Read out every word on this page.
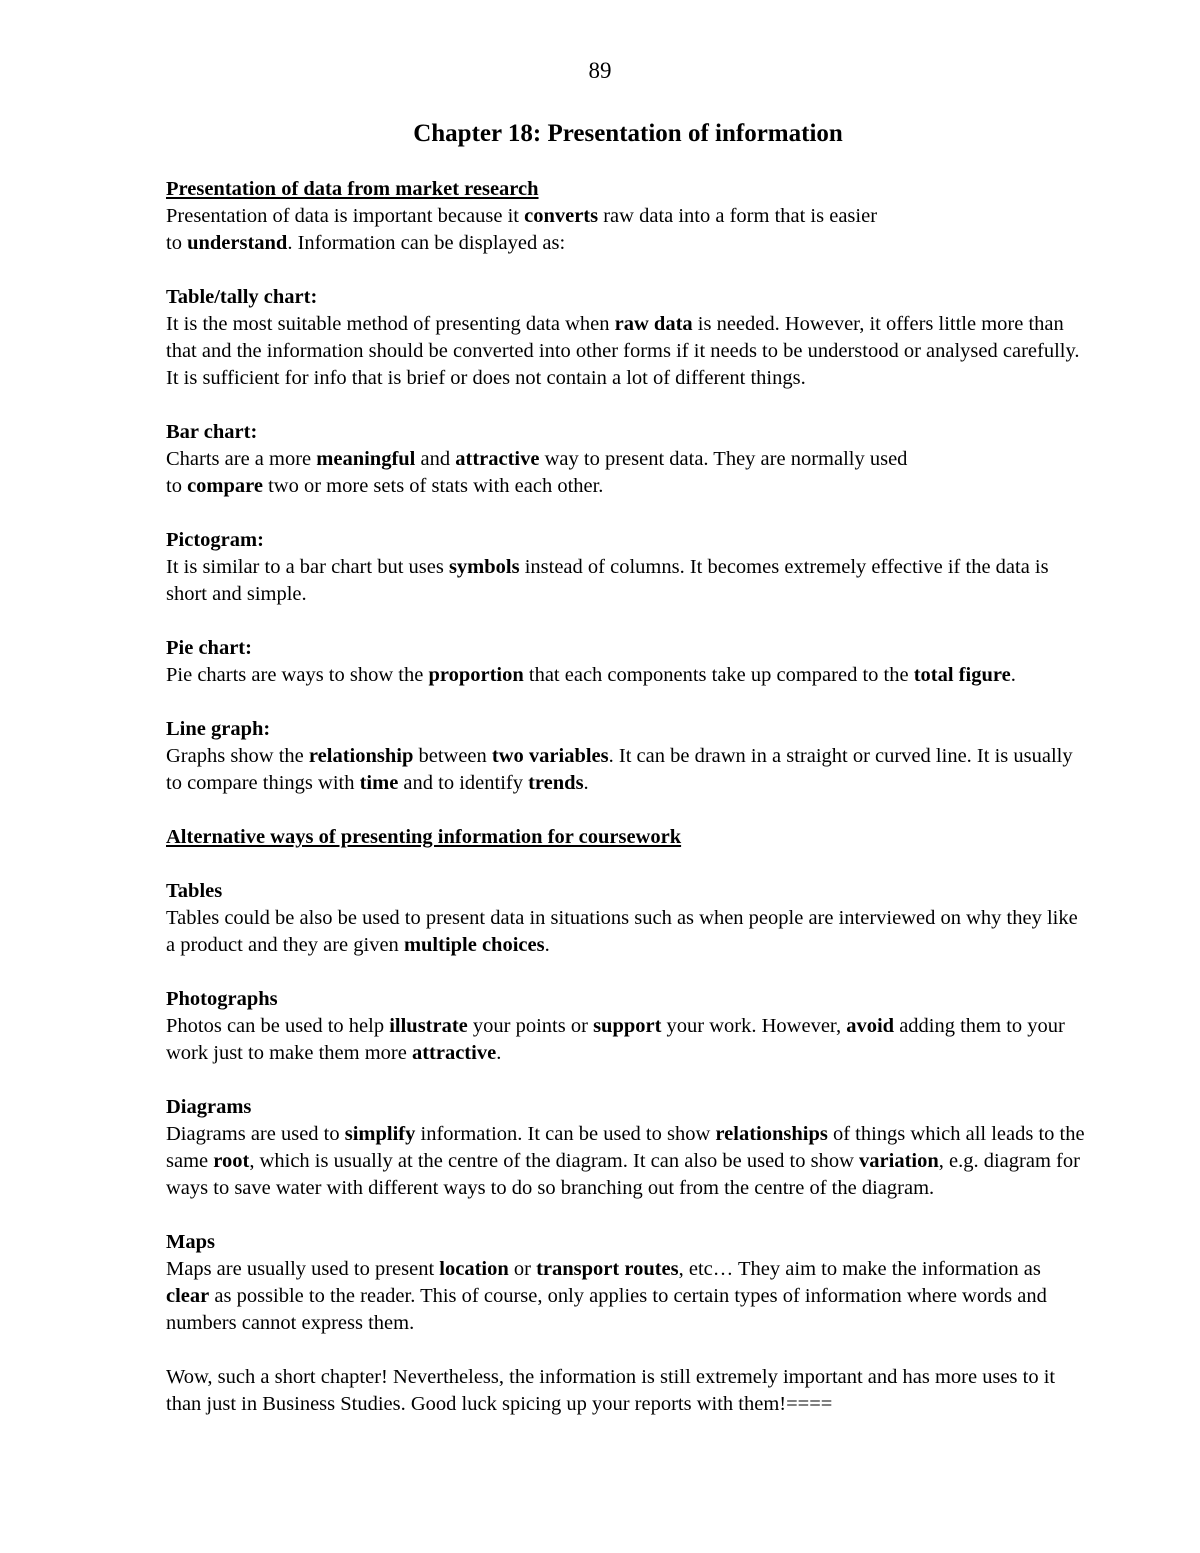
89
Chapter 18: Presentation of information

Presentation of data from market research

Presentation of data is important because it converts raw data into a form that is easier
to understand. Information can be displayed as:

Table/tally chart:

It is the most suitable method of presenting data when raw data is needed. However, it offers little more than that and the information should be converted into other forms if it needs to be understood or analysed carefully. It is sufficient for info that is brief or does not contain a lot of different things.

Bar chart:

Charts are a more meaningful and attractive way to present data. They are normally used
to compare two or more sets of stats with each other.

Pictogram:

It is similar to a bar chart but uses symbols instead of columns. It becomes extremely effective if the data is short and simple.

Pie chart:

Pie charts are ways to show the proportion that each components take up compared to the total figure.

Line graph:

Graphs show the relationship between two variables. It can be drawn in a straight or curved line. It is usually to compare things with time and to identify trends.

Alternative ways of presenting information for coursework

Tables

Tables could be also be used to present data in situations such as when people are interviewed on why they like a product and they are given multiple choices.

Photographs

Photos can be used to help illustrate your points or support your work. However, avoid adding them to your work just to make them more attractive.

Diagrams

Diagrams are used to simplify information. It can be used to show relationships of things which all leads to the same root, which is usually at the centre of the diagram. It can also be used to show variation, e.g. diagram for ways to save water with different ways to do so branching out from the centre of the diagram.

Maps

Maps are usually used to present location or transport routes, etc… They aim to make the information as clear as possible to the reader. This of course, only applies to certain types of information where words and numbers cannot express them.

Wow, such a short chapter! Nevertheless, the information is still extremely important and has more uses to it than just in Business Studies. Good luck spicing up your reports with them!====
